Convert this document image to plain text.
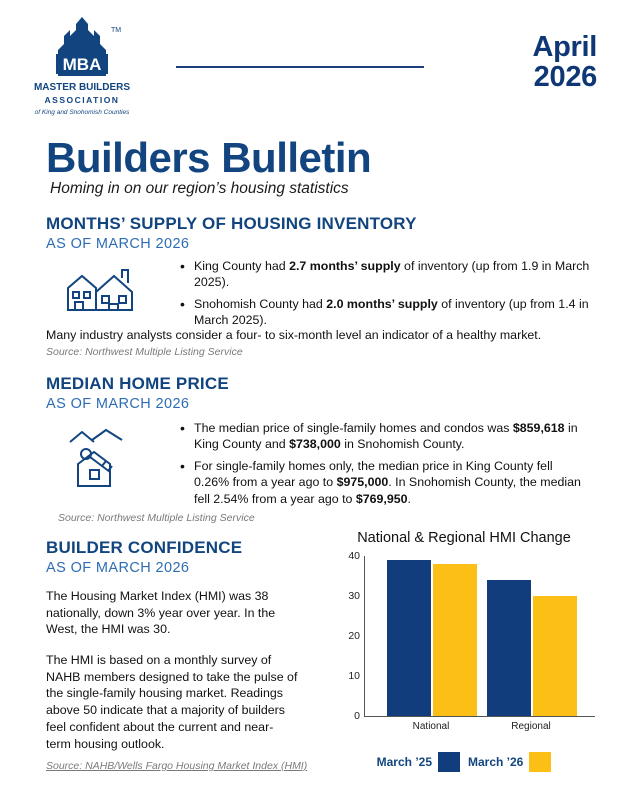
MBA
TM
MASTER BUILDERS
ASSOCIATION
of King and Snohomish Counties
April
2026
Builders Bulletin
Homing in on our region’s housing statistics
MONTHS’ SUPPLY OF HOUSING INVENTORY
AS OF MARCH 2026
• King County had 2.7 months’ supply of inventory (up from 1.9 in March 2025).
• Snohomish County had 2.0 months’ supply of inventory (up from 1.4 in March 2025).
Many industry analysts consider a four- to six-month level an indicator of a healthy market.
Source: Northwest Multiple Listing Service
MEDIAN HOME PRICE
AS OF MARCH 2026
• The median price of single-family homes and condos was $859,618 in King County and $738,000 in Snohomish County.
• For single-family homes only, the median price in King County fell 0.26% from a year ago to $975,000. In Snohomish County, the median fell 2.54% from a year ago to $769,950.
Source: Northwest Multiple Listing Service
BUILDER CONFIDENCE
AS OF MARCH 2026
The Housing Market Index (HMI) was 38 nationally, down 3% year over year. In the West, the HMI was 30.
The HMI is based on a monthly survey of NAHB members designed to take the pulse of the single-family housing market. Readings above 50 indicate that a majority of builders feel confident about the current and near-term housing outlook.
Source: NAHB/Wells Fargo Housing Market Index (HMI)
National & Regional HMI Change
40
30
20
10
0
National	Regional
March ’25	March ’26
